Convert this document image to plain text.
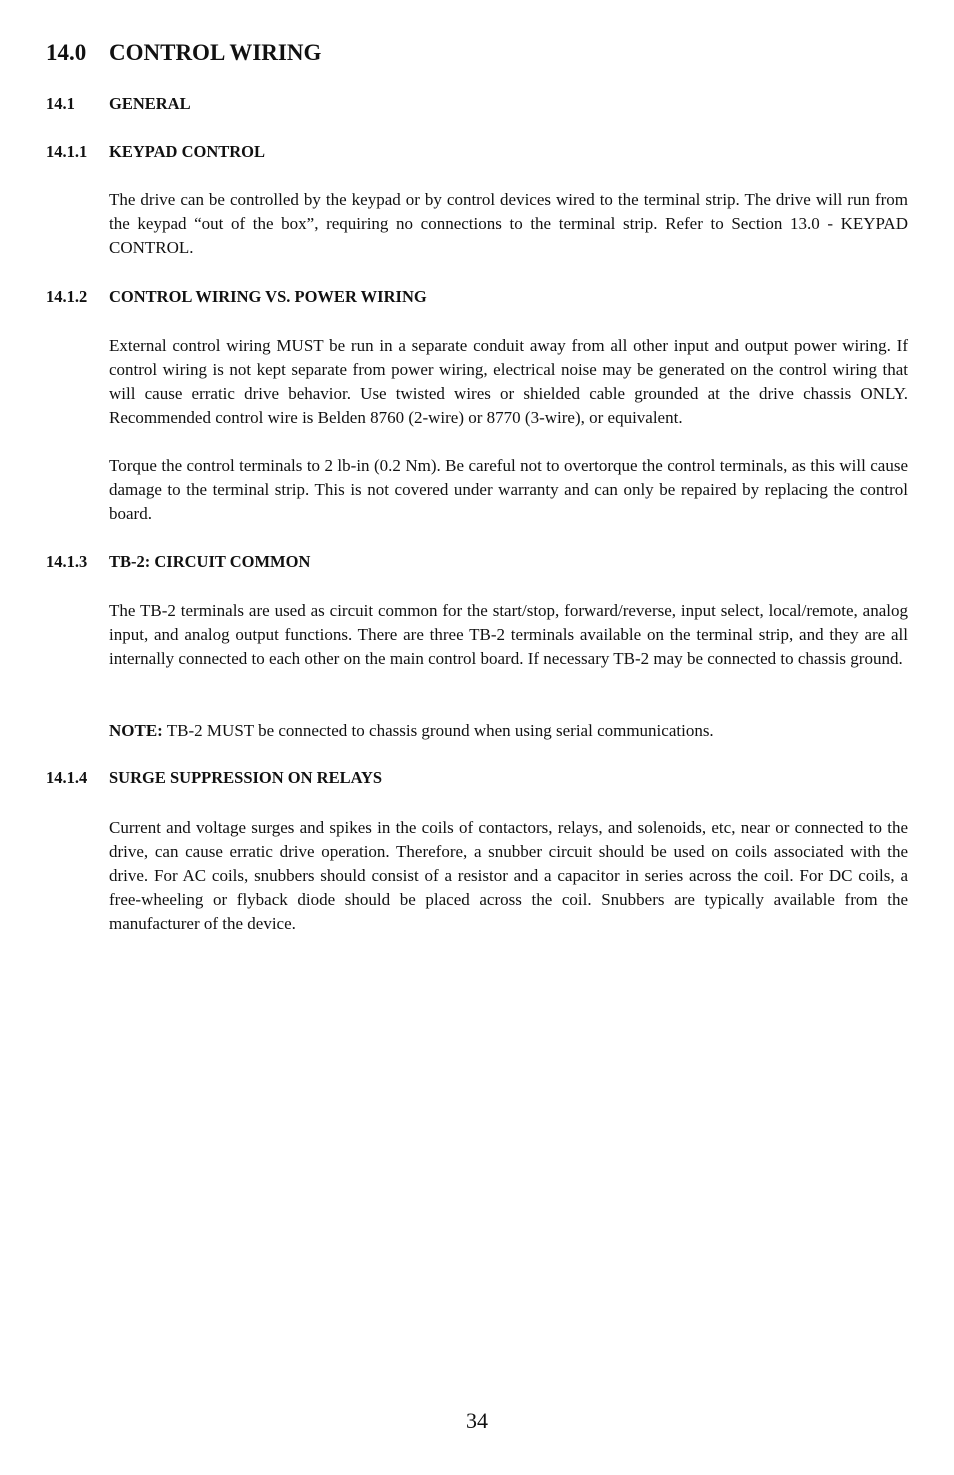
14.0 CONTROL WIRING
14.1 GENERAL
14.1.1 KEYPAD CONTROL
The drive can be controlled by the keypad or by control devices wired to the terminal strip. The drive will run from the keypad “out of the box”, requiring no connections to the terminal strip. Refer to Section 13.0 - KEYPAD CONTROL.
14.1.2 CONTROL WIRING VS. POWER WIRING
External control wiring MUST be run in a separate conduit away from all other input and output power wiring. If control wiring is not kept separate from power wiring, electrical noise may be generated on the control wiring that will cause erratic drive behavior. Use twisted wires or shielded cable grounded at the drive chassis ONLY. Recommended control wire is Belden 8760 (2-wire) or 8770 (3-wire), or equivalent.
Torque the control terminals to 2 lb-in (0.2 Nm). Be careful not to overtorque the control terminals, as this will cause damage to the terminal strip. This is not covered under warranty and can only be repaired by replacing the control board.
14.1.3 TB-2: CIRCUIT COMMON
The TB-2 terminals are used as circuit common for the start/stop, forward/reverse, input select, local/remote, analog input, and analog output functions. There are three TB-2 terminals available on the terminal strip, and they are all internally connected to each other on the main control board. If necessary TB-2 may be connected to chassis ground.
NOTE: TB-2 MUST be connected to chassis ground when using serial communications.
14.1.4 SURGE SUPPRESSION ON RELAYS
Current and voltage surges and spikes in the coils of contactors, relays, and solenoids, etc, near or connected to the drive, can cause erratic drive operation. Therefore, a snubber circuit should be used on coils associated with the drive. For AC coils, snubbers should consist of a resistor and a capacitor in series across the coil. For DC coils, a free-wheeling or flyback diode should be placed across the coil. Snubbers are typically available from the manufacturer of the device.
34
